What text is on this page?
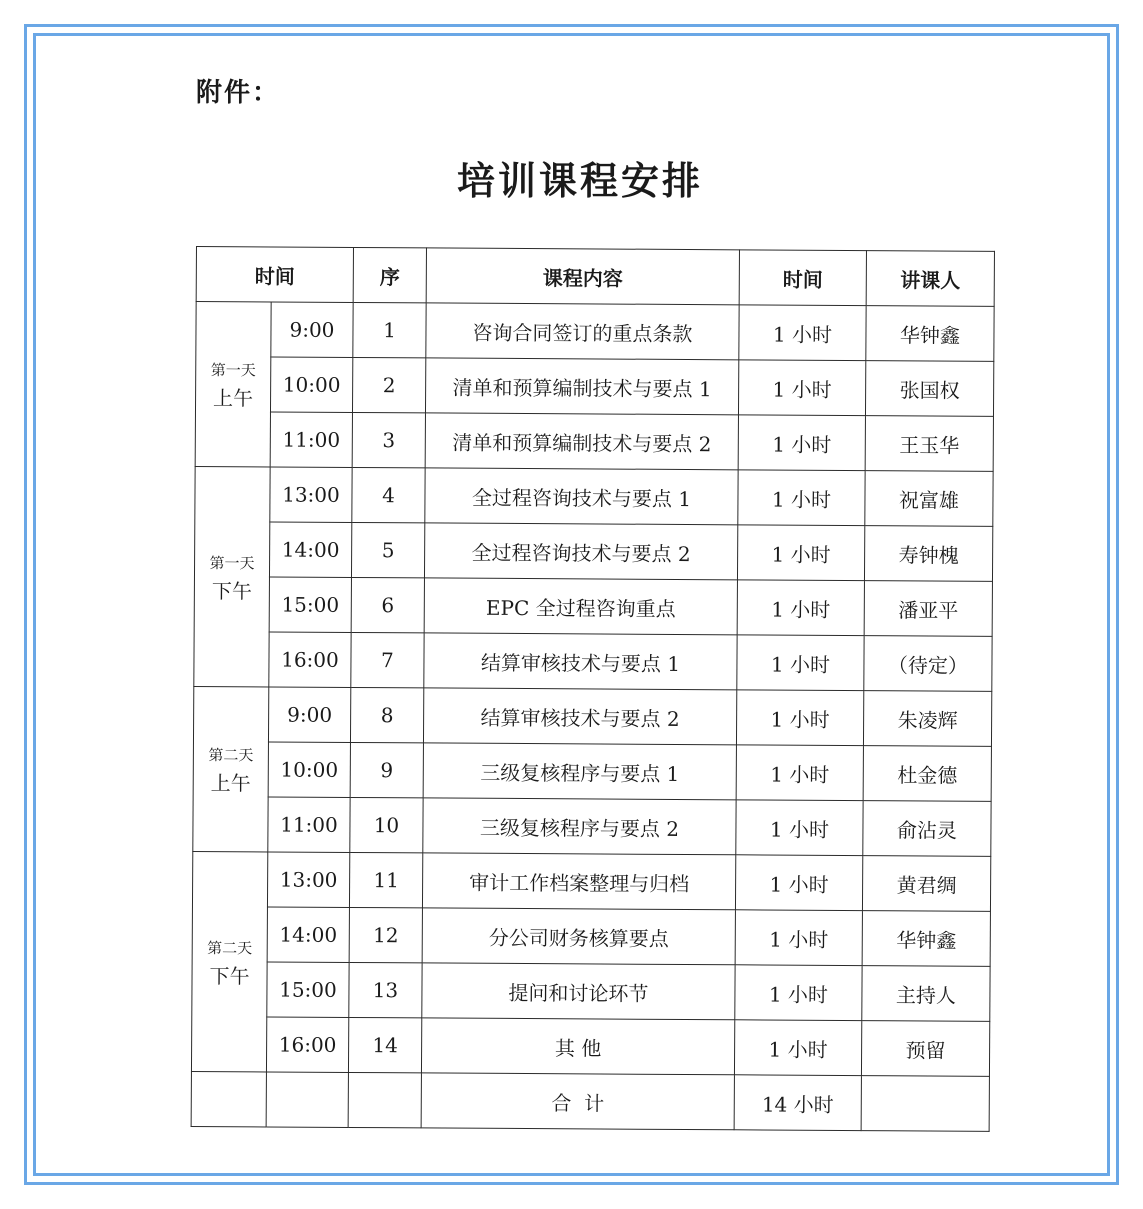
附件：
培训课程安排
时间		序	课程内容	时间	讲课人

第一天
上午	9:00	1	咨询合同签订的重点条款	1 小时	华钟鑫
	10:00	2	清单和预算编制技术与要点 1	1 小时	张国权
	11:00	3	清单和预算编制技术与要点 2	1 小时	王玉华

第一天
下午	13:00	4	全过程咨询技术与要点 1	1 小时	祝富雄
	14:00	5	全过程咨询技术与要点 2	1 小时	寿钟槐
	15:00	6	EPC 全过程咨询重点	1 小时	潘亚平
	16:00	7	结算审核技术与要点 1	1 小时	（待定）

第二天
上午	9:00	8	结算审核技术与要点 2	1 小时	朱凌辉
	10:00	9	三级复核程序与要点 1	1 小时	杜金德
	11:00	10	三级复核程序与要点 2	1 小时	俞沾灵

第二天
下午	13:00	11	审计工作档案整理与归档	1 小时	黄君绸
	14:00	12	分公司财务核算要点	1 小时	华钟鑫
	15:00	13	提问和讨论环节	1 小时	主持人
	16:00	14	其 他	1 小时	预留
			合  计	14 小时	
